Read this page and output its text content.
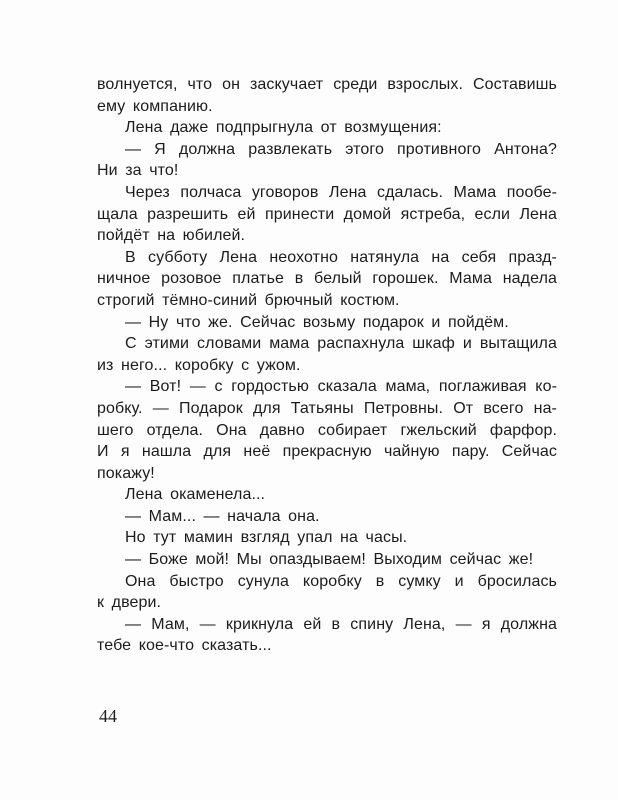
волнуется, что он заскучает среди взрослых. Составишь
ему компанию.
Лена даже подпрыгнула от возмущения:
— Я должна развлекать этого противного Антона?
Ни за что!
Через полчаса уговоров Лена сдалась. Мама пообе-
щала разрешить ей принести домой ястреба, если Лена
пойдёт на юбилей.
В субботу Лена неохотно натянула на себя празд-
ничное розовое платье в белый горошек. Мама надела
строгий тёмно-синий брючный костюм.
— Ну что же. Сейчас возьму подарок и пойдём.
С этими словами мама распахнула шкаф и вытащила
из него... коробку с ужом.
— Вот! — с гордостью сказала мама, поглаживая ко-
робку. — Подарок для Татьяны Петровны. От всего на-
шего отдела. Она давно собирает гжельский фарфор.
И я нашла для неё прекрасную чайную пару. Сейчас
покажу!
Лена окаменела...
— Мам... — начала она.
Но тут мамин взгляд упал на часы.
— Боже мой! Мы опаздываем! Выходим сейчас же!
Она быстро сунула коробку в сумку и бросилась
к двери.
— Мам, — крикнула ей в спину Лена, — я должна
тебе кое-что сказать...
44
